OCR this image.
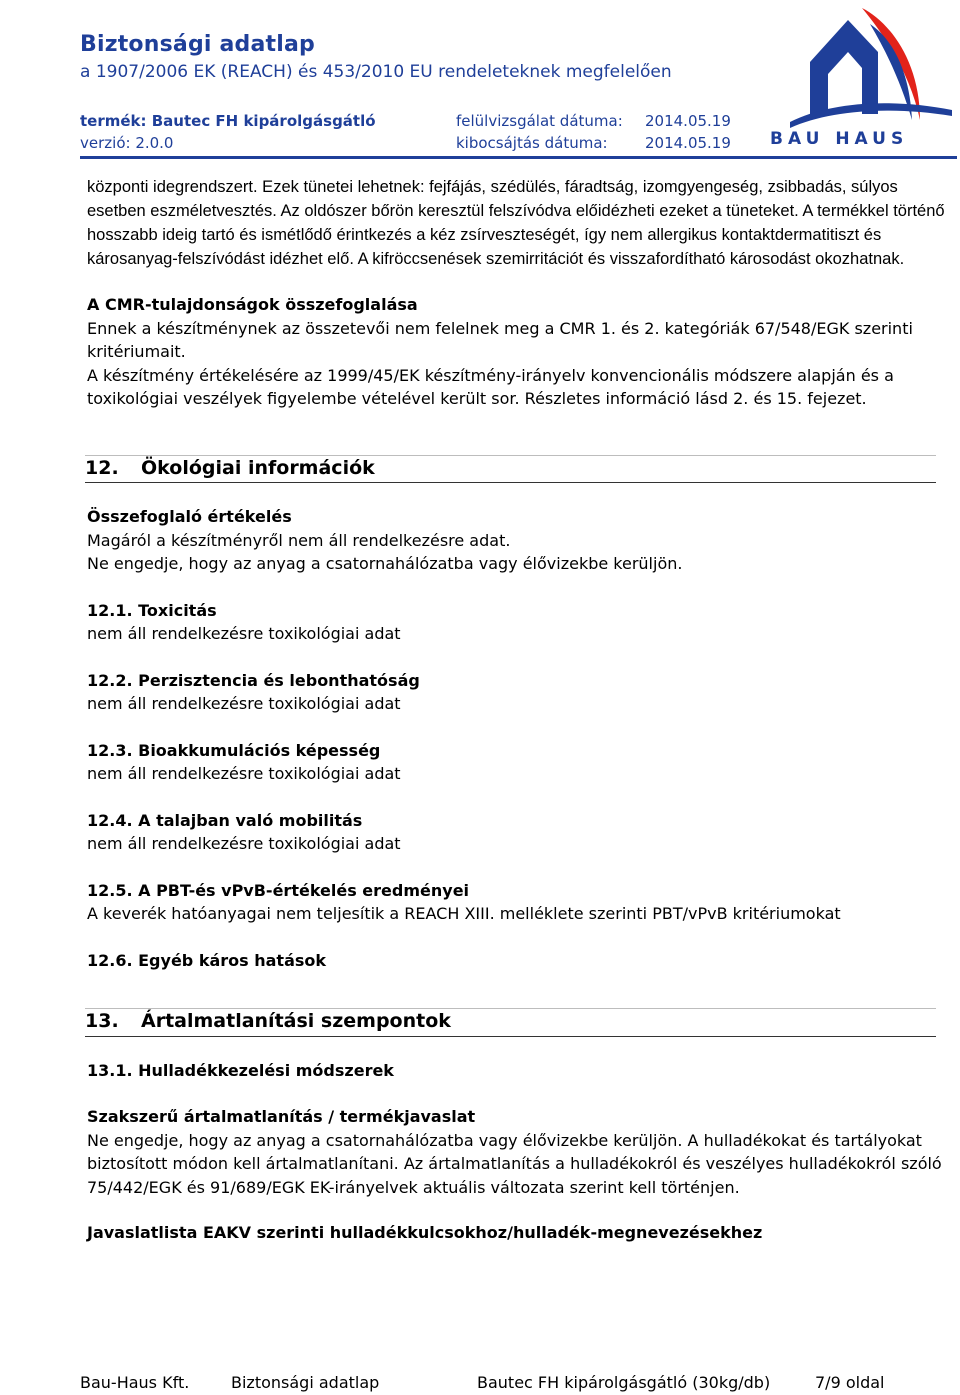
Biztonsági adatlap
a 1907/2006 EK (REACH) és 453/2010 EU rendeleteknek megfelelően
termék: Bautec FH kipárolgásgátló
verzió: 2.0.0
felülvizsgálat dátuma: 2014.05.19
kibocsájtás dátuma: 2014.05.19 BAU HAUS

központi idegrendszert. Ezek tünetei lehetnek: fejfájás, szédülés, fáradtság, izomgyengeség, zsibbadás, súlyos esetben eszméletvesztés. Az oldószer bőrön keresztül felszívódva előidézheti ezeket a tüneteket. A termékkel történő hosszabb ideig tartó és ismétlődő érintkezés a kéz zsírveszteségét, így nem allergikus kontaktdermatitiszt és károsanyag-felszívódást idézhet elő. A kifröccsenések szemirritációt és visszafordítható károsodást okozhatnak.

A CMR-tulajdonságok összefoglalása

Ennek a készítménynek az összetevői nem felelnek meg a CMR 1. és 2. kategóriák 67/548/EGK szerinti kritériumait.

A készítmény értékelésére az 1999/45/EK készítmény-irányelv konvencionális módszere alapján és a toxikológiai veszélyek figyelembe vételével került sor. Részletes információ lásd 2. és 15. fejezet.

12. Ökológiai információk
Összefoglaló értékelés

Magáról a készítményről nem áll rendelkezésre adat.

Ne engedje, hogy az anyag a csatornahálózatba vagy élővizekbe kerüljön.

12.1. Toxicitás

nem áll rendelkezésre toxikológiai adat

12.2. Perzisztencia és lebonthatóság

nem áll rendelkezésre toxikológiai adat

12.3. Bioakkumulációs képesség

nem áll rendelkezésre toxikológiai adat

12.4. A talajban való mobilitás

nem áll rendelkezésre toxikológiai adat

12.5. A PBT-és vPvB-értékelés eredményei

A keverék hatóanyagai nem teljesítik a REACH XIII. melléklete szerinti PBT/vPvB kritériumokat

12.6. Egyéb káros hatások
13. Ártalmatlanítási szempontok
13.1. Hulladékkezelési módszerek
Szakszerű ártalmatlanítás / termékjavaslat

Ne engedje, hogy az anyag a csatornahálózatba vagy élővizekbe kerüljön. A hulladékokat és tartályokat biztosított módon kell ártalmatlanítani. Az ártalmatlanítás a hulladékokról és veszélyes hulladékokról szóló 75/442/EGK és 91/689/EGK EK-irányelvek aktuális változata szerint kell történjen.

Javaslatlista EAKV szerinti hulladékkulcsokhoz/hulladék-megnevezésekhez
Bau-Haus Kft.	Biztonsági adatlap	Bautec FH kipárolgásgátló (30kg/db)	7/9 oldal
